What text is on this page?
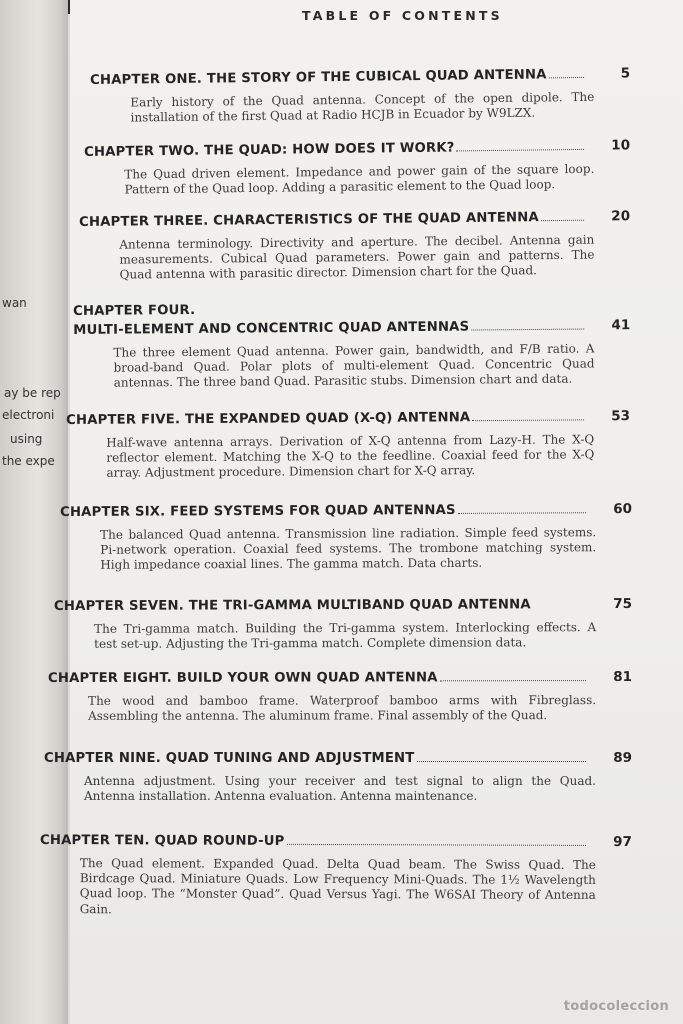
wan
ay be rep
electroni
using
the expe
TABLE OF CONTENTS
CHAPTER ONE. THE STORY OF THE CUBICAL QUAD ANTENNA	5
Early history of the Quad antenna. Concept of the open dipole. The installation of the first Quad at Radio HCJB in Ecuador by W9LZX.
CHAPTER TWO. THE QUAD: HOW DOES IT WORK?	10
The Quad driven element. Impedance and power gain of the square loop. Pattern of the Quad loop. Adding a parasitic element to the Quad loop.
CHAPTER THREE. CHARACTERISTICS OF THE QUAD ANTENNA	20
Antenna terminology. Directivity and aperture. The decibel. Antenna gain measurements. Cubical Quad parameters. Power gain and patterns. The Quad antenna with parasitic director. Dimension chart for the Quad.
CHAPTER FOUR.
MULTI-ELEMENT AND CONCENTRIC QUAD ANTENNAS	41
The three element Quad antenna. Power gain, bandwidth, and F/B ratio. A broad-band Quad. Polar plots of multi-element Quad. Concentric Quad antennas. The three band Quad. Parasitic stubs. Dimension chart and data.
CHAPTER FIVE. THE EXPANDED QUAD (X-Q) ANTENNA	53
Half-wave antenna arrays. Derivation of X-Q antenna from Lazy-H. The X-Q reflector element. Matching the X-Q to the feedline. Coaxial feed for the X-Q array. Adjustment procedure. Dimension chart for X-Q array.
CHAPTER SIX. FEED SYSTEMS FOR QUAD ANTENNAS	60
The balanced Quad antenna. Transmission line radiation. Simple feed systems. Pi-network operation. Coaxial feed systems. The trombone matching system. High impedance coaxial lines. The gamma match. Data charts.
CHAPTER SEVEN. THE TRI-GAMMA MULTIBAND QUAD ANTENNA	75
The Tri-gamma match. Building the Tri-gamma system. Interlocking effects. A test set-up. Adjusting the Tri-gamma match. Complete dimension data.
CHAPTER EIGHT. BUILD YOUR OWN QUAD ANTENNA	81
The wood and bamboo frame. Waterproof bamboo arms with Fibreglass. Assembling the antenna. The aluminum frame. Final assembly of the Quad.
CHAPTER NINE. QUAD TUNING AND ADJUSTMENT	89
Antenna adjustment. Using your receiver and test signal to align the Quad. Antenna installation. Antenna evaluation. Antenna maintenance.
CHAPTER TEN. QUAD ROUND-UP	97
The Quad element. Expanded Quad. Delta Quad beam. The Swiss Quad. The Birdcage Quad. Miniature Quads. Low Frequency Mini-Quads. The 1½ Wavelength Quad loop. The “Monster Quad”. Quad Versus Yagi. The W6SAI Theory of Antenna Gain.
todocoleccion
